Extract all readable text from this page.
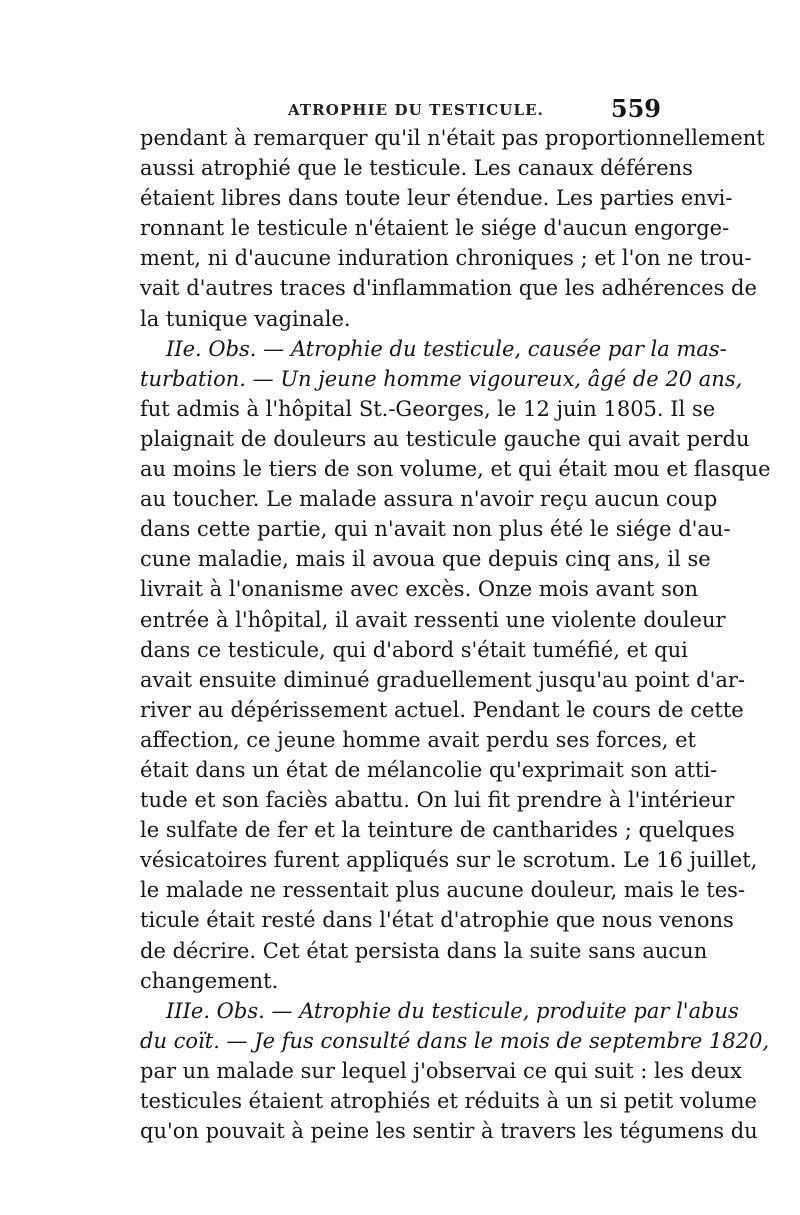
ATROPHIE DU TESTICULE.	559
pendant à remarquer qu'il n'était pas proportionnellement
aussi atrophié que le testicule. Les canaux déférens
étaient libres dans toute leur étendue. Les parties envi-
ronnant le testicule n'étaient le siége d'aucun engorge-
ment, ni d'aucune induration chroniques ; et l'on ne trou-
vait d'autres traces d'inflammation que les adhérences de
la tunique vaginale.
IIe. Obs. — Atrophie du testicule, causée par la mas-
turbation. — Un jeune homme vigoureux, âgé de 20 ans,
fut admis à l'hôpital St.-Georges, le 12 juin 1805. Il se
plaignait de douleurs au testicule gauche qui avait perdu
au moins le tiers de son volume, et qui était mou et flasque
au toucher. Le malade assura n'avoir reçu aucun coup
dans cette partie, qui n'avait non plus été le siége d'au-
cune maladie, mais il avoua que depuis cinq ans, il se
livrait à l'onanisme avec excès. Onze mois avant son
entrée à l'hôpital, il avait ressenti une violente douleur
dans ce testicule, qui d'abord s'était tuméfié, et qui
avait ensuite diminué graduellement jusqu'au point d'ar-
river au dépérissement actuel. Pendant le cours de cette
affection, ce jeune homme avait perdu ses forces, et
était dans un état de mélancolie qu'exprimait son atti-
tude et son faciès abattu. On lui fit prendre à l'intérieur
le sulfate de fer et la teinture de cantharides ; quelques
vésicatoires furent appliqués sur le scrotum. Le 16 juillet,
le malade ne ressentait plus aucune douleur, mais le tes-
ticule était resté dans l'état d'atrophie que nous venons
de décrire. Cet état persista dans la suite sans aucun
changement.
IIIe. Obs. — Atrophie du testicule, produite par l'abus
du coït. — Je fus consulté dans le mois de septembre 1820,
par un malade sur lequel j'observai ce qui suit : les deux
testicules étaient atrophiés et réduits à un si petit volume
qu'on pouvait à peine les sentir à travers les tégumens du
